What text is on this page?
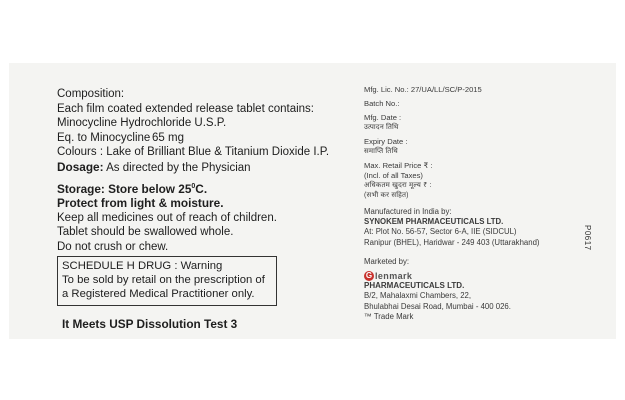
Composition:
Each film coated extended release tablet contains:
Minocycline Hydrochloride U.S.P.
Eq. to Minocycline 65 mg
Colours : Lake of Brilliant Blue & Titanium Dioxide I.P.
Dosage: As directed by the Physician
Storage: Store below $25^0C$.
Protect from light & moisture.
Keep all medicines out of reach of children.
Tablet should be swallowed whole.
Do not crush or chew.
SCHEDULE H DRUG : Warning
To be sold by retail on the prescription of
a Registered Medical Practitioner only.
It Meets USP Dissolution Test 3
Mfg. Lic. No.: 27/UA/LL/SC/P-2015
Batch No.:
Mfg. Date :
उत्पादन तिथि
Expiry Date :
समाप्ति तिथि
Max. Retail Price ₹ :
(Incl. of all Taxes)
अधिकतम खुदरा मूल्य ₹ :
(सभी कर सहित)
Manufactured in India by:
SYNOKEM PHARMACEUTICALS LTD.
At: Plot No. 56-57, Sector 6-A, IIE (SIDCUL)
Ranipur (BHEL), Haridwar - 249 403 (Uttarakhand)
Marketed by:
G lenmark
PHARMACEUTICALS LTD.
B/2, Mahalaxmi Chambers, 22,
Bhulabhai Desai Road, Mumbai - 400 026.
™ Trade Mark
P0617
